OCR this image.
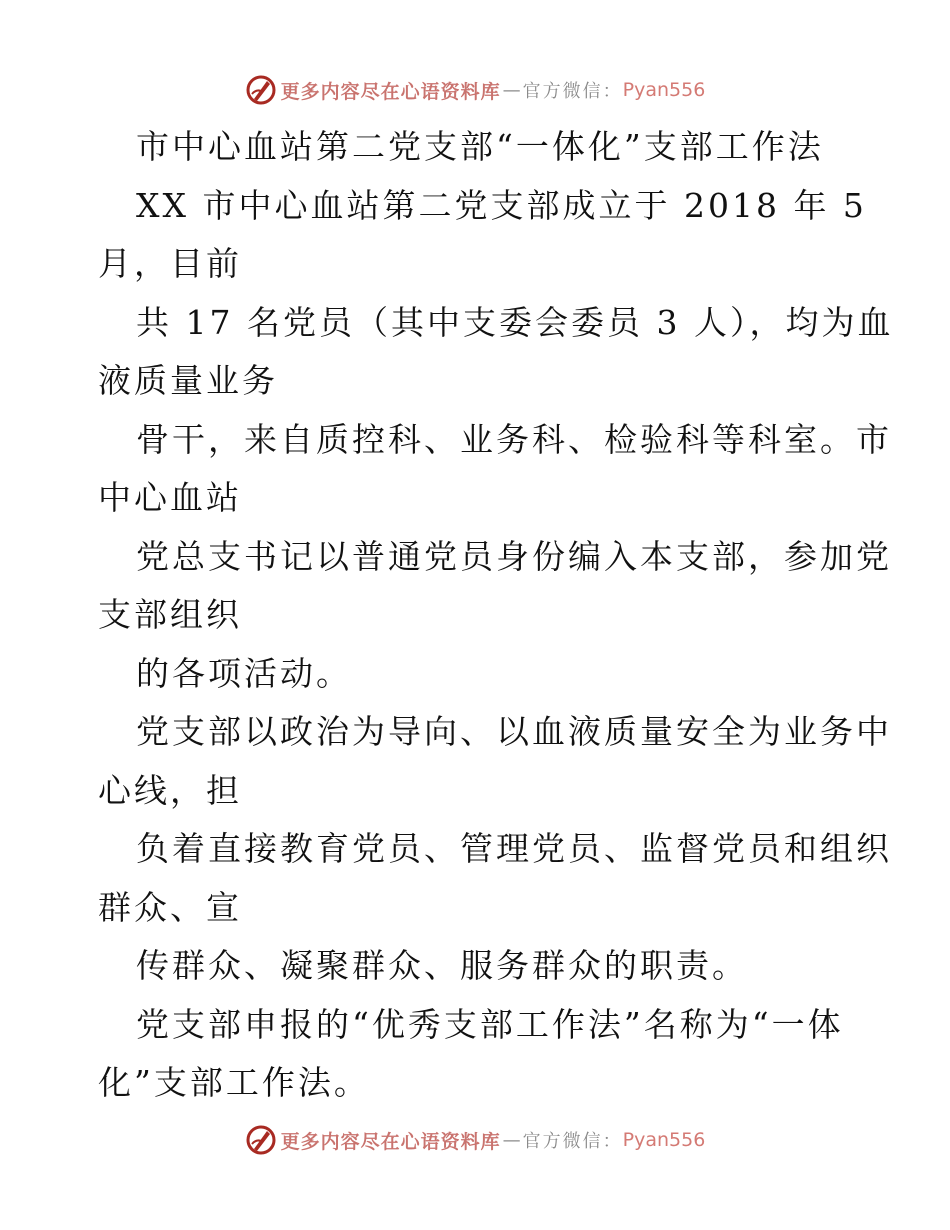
更多内容尽在心语资料库 — 官方微信： Pyan556
市中心血站第二党支部“一体化”支部工作法
XX 市中心血站第二党支部成立于 2018 年 5
月，目前
共 17 名党员（其中支委会委员 3 人），均为血
液质量业务
骨干，来自质控科、业务科、检验科等科室。市
中心血站
党总支书记以普通党员身份编入本支部，参加党
支部组织
的各项活动。
党支部以政治为导向、以血液质量安全为业务中
心线，担
负着直接教育党员、管理党员、监督党员和组织
群众、宣
传群众、凝聚群众、服务群众的职责。
党支部申报的“优秀支部工作法”名称为“一体
化”支部工作法。
更多内容尽在心语资料库 — 官方微信： Pyan556
